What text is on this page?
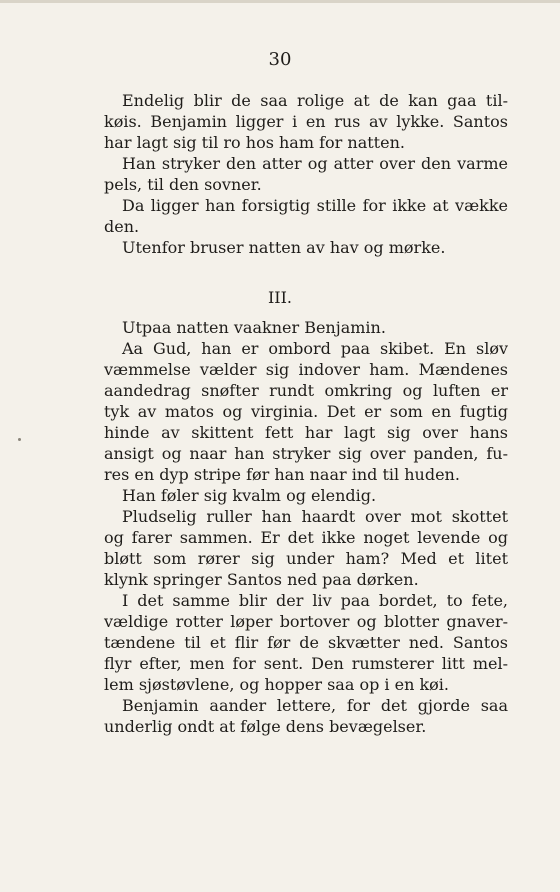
30
Endelig blir de saa rolige at de kan gaa til-
køis. Benjamin ligger i en rus av lykke. Santos
har lagt sig til ro hos ham for natten.
Han stryker den atter og atter over den varme
pels, til den sovner.
Da ligger han forsigtig stille for ikke at vække
den.
Utenfor bruser natten av hav og mørke.
III.
Utpaa natten vaakner Benjamin.
Aa Gud, han er ombord paa skibet. En sløv
væmmelse vælder sig indover ham. Mændenes
aandedrag snøfter rundt omkring og luften er
tyk av matos og virginia. Det er som en fugtig
hinde av skittent fett har lagt sig over hans
ansigt og naar han stryker sig over panden, fu-
res en dyp stripe før han naar ind til huden.
Han føler sig kvalm og elendig.
Pludselig ruller han haardt over mot skottet
og farer sammen. Er det ikke noget levende og
bløtt som rører sig under ham? Med et litet
klynk springer Santos ned paa dørken.
I det samme blir der liv paa bordet, to fete,
vældige rotter løper bortover og blotter gnaver-
tændene til et flir før de skvætter ned. Santos
flyr efter, men for sent. Den rumsterer litt mel-
lem sjøstøvlene, og hopper saa op i en køi.
Benjamin aander lettere, for det gjorde saa
underlig ondt at følge dens bevægelser.
